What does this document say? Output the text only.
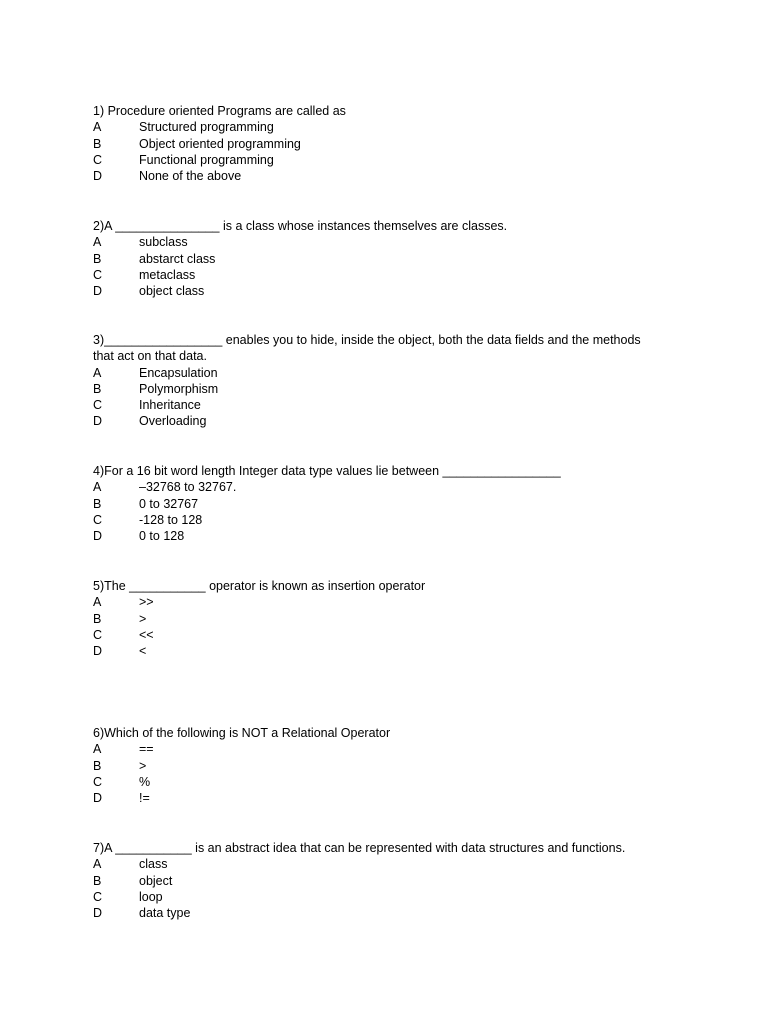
1) Procedure oriented Programs are called as

A	Structured programming
B	Object oriented programming
C	Functional programming
D	None of the above

2)A _______________ is a class whose instances themselves are classes.

A	subclass
B	abstarct class
C	metaclass
D	object class

3)_________________ enables you to hide, inside the object, both the data fields and the methods that act on that data.

A	Encapsulation
B	Polymorphism
C	Inheritance
D	Overloading

4)For a 16 bit word length Integer data type values lie between _________________

A	–32768 to 32767.
B	0 to 32767
C	-128 to 128
D	0 to 128

5)The ___________ operator is known as insertion operator

A	>>
B	>
C	<<
D	<

6)Which of the following is NOT a Relational Operator

A	==
B	>
C	%
D	!=

7)A ___________ is an abstract idea that can be represented with data structures and functions.

A	class
B	object
C	loop
D	data type
